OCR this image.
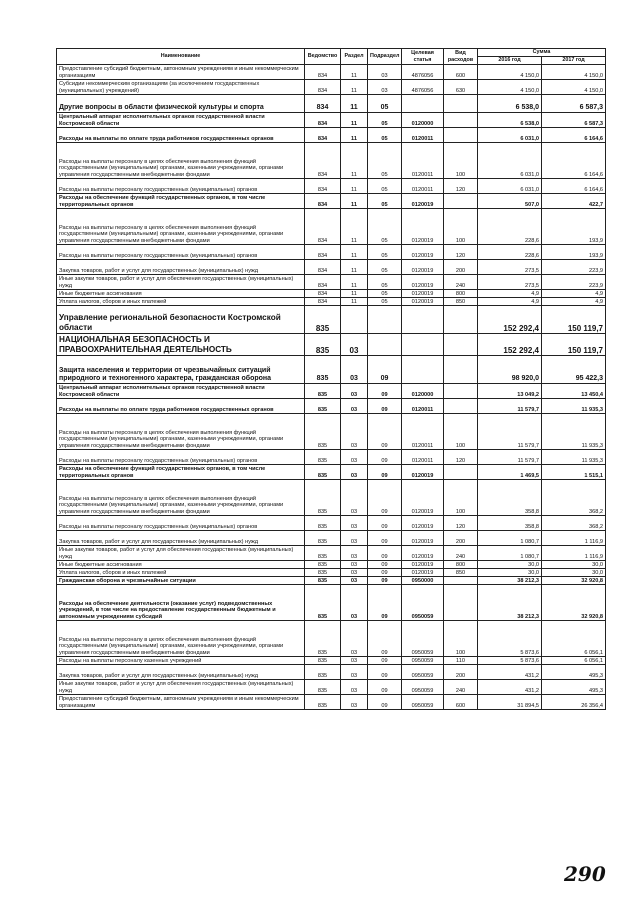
Наименование	Ведомство	Раздел	Подраздел	Целевая статья	Вид расходов	Сумма	
						2016 год	2017 год
Предоставление субсидий бюджетным, автономным учреждениям и иным некоммерческим организациям	834	11	03	4876056	600	4 150,0	4 150,0
Субсидии некоммерческим организациям (за исключением государственных (муниципальных) учреждений)	834	11	03	4876056	630	4 150,0	4 150,0
Другие вопросы в области физической культуры и спорта	834	11	05			6 538,0	6 587,3
Центральный аппарат исполнительных органов государственной власти Костромской области	834	11	05	0120000		6 538,0	6 587,3
Расходы на выплаты по оплате труда работников государственных органов	834	11	05	0120011		6 031,0	6 164,6
Расходы на выплаты персоналу в целях обеспечения выполнения функций государственными (муниципальными) органами, казенными учреждениями, органами управления государственными внебюджетными фондами	834	11	05	0120011	100	6 031,0	6 164,6
Расходы на выплаты персоналу государственных (муниципальных) органов	834	11	05	0120011	120	6 031,0	6 164,6
Расходы на обеспечение функций государственных органов, в том числе территориальных органов	834	11	05	0120019		507,0	422,7
Расходы на выплаты персоналу в целях обеспечения выполнения функций государственными (муниципальными) органами, казенными учреждениями, органами управления государственными внебюджетными фондами	834	11	05	0120019	100	228,6	193,9
Расходы на выплаты персоналу государственных (муниципальных) органов	834	11	05	0120019	120	228,6	193,9
Закупка товаров, работ и услуг для государственных (муниципальных) нужд	834	11	05	0120019	200	273,5	223,9
Иные закупки товаров, работ и услуг для обеспечения государственных (муниципальных) нужд	834	11	05	0120019	240	273,5	223,9
Иные бюджетные ассигнования	834	11	05	0120019	800	4,9	4,9
Уплата налогов, сборов и иных платежей	834	11	05	0120019	850	4,9	4,9
Управление региональной безопасности Костромской области	835					152 292,4	150 119,7
НАЦИОНАЛЬНАЯ БЕЗОПАСНОСТЬ И ПРАВООХРАНИТЕЛЬНАЯ ДЕЯТЕЛЬНОСТЬ	835	03				152 292,4	150 119,7
Защита населения и территории от чрезвычайных ситуаций природного и техногенного характера, гражданская оборона	835	03	09			98 920,0	95 422,3
Центральный аппарат исполнительных органов государственной власти Костромской области	835	03	09	0120000		13 049,2	13 450,4
Расходы на выплаты по оплате труда работников государственных органов	835	03	09	0120011		11 579,7	11 935,3
Расходы на выплаты персоналу в целях обеспечения выполнения функций государственными (муниципальными) органами, казенными учреждениями, органами управления государственными внебюджетными фондами	835	03	09	0120011	100	11 579,7	11 935,3
Расходы на выплаты персоналу государственных (муниципальных) органов	835	03	09	0120011	120	11 579,7	11 935,3
Расходы на обеспечение функций государственных органов, в том числе территориальных органов	835	03	09	0120019		1 469,5	1 515,1
Расходы на выплаты персоналу в целях обеспечения выполнения функций государственными (муниципальными) органами, казенными учреждениями, органами управления государственными внебюджетными фондами	835	03	09	0120019	100	358,8	368,2
Расходы на выплаты персоналу государственных (муниципальных) органов	835	03	09	0120019	120	358,8	368,2
Закупка товаров, работ и услуг для государственных (муниципальных) нужд	835	03	09	0120019	200	1 080,7	1 116,9
Иные закупки товаров, работ и услуг для обеспечения государственных (муниципальных) нужд	835	03	09	0120019	240	1 080,7	1 116,9
Иные бюджетные ассигнования	835	03	09	0120019	800	30,0	30,0
Уплата налогов, сборов и иных платежей	835	03	09	0120019	850	30,0	30,0
Гражданская оборона и чрезвычайные ситуации	835	03	09	0950000		38 212,3	32 920,8
Расходы на обеспечение деятельности (оказание услуг) подведомственных учреждений, в том числе на предоставление государственным бюджетным и автономным учреждениям субсидий	835	03	09	0950059		38 212,3	32 920,8
Расходы на выплаты персоналу в целях обеспечения выполнения функций государственными (муниципальными) органами, казенными учреждениями, органами управления государственными внебюджетными фондами	835	03	09	0950059	100	5 873,6	6 056,1
Расходы на выплаты персоналу казенных учреждений	835	03	09	0950059	110	5 873,6	6 056,1
Закупка товаров, работ и услуг для государственных (муниципальных) нужд	835	03	09	0950059	200	431,2	495,3
Иные закупки товаров, работ и услуг для обеспечения государственных (муниципальных) нужд	835	03	09	0950059	240	431,2	495,3
Предоставление субсидий бюджетным, автономным учреждениям и иным некоммерческим организациям	835	03	09	0950059	600	31 894,5	26 356,4
290
